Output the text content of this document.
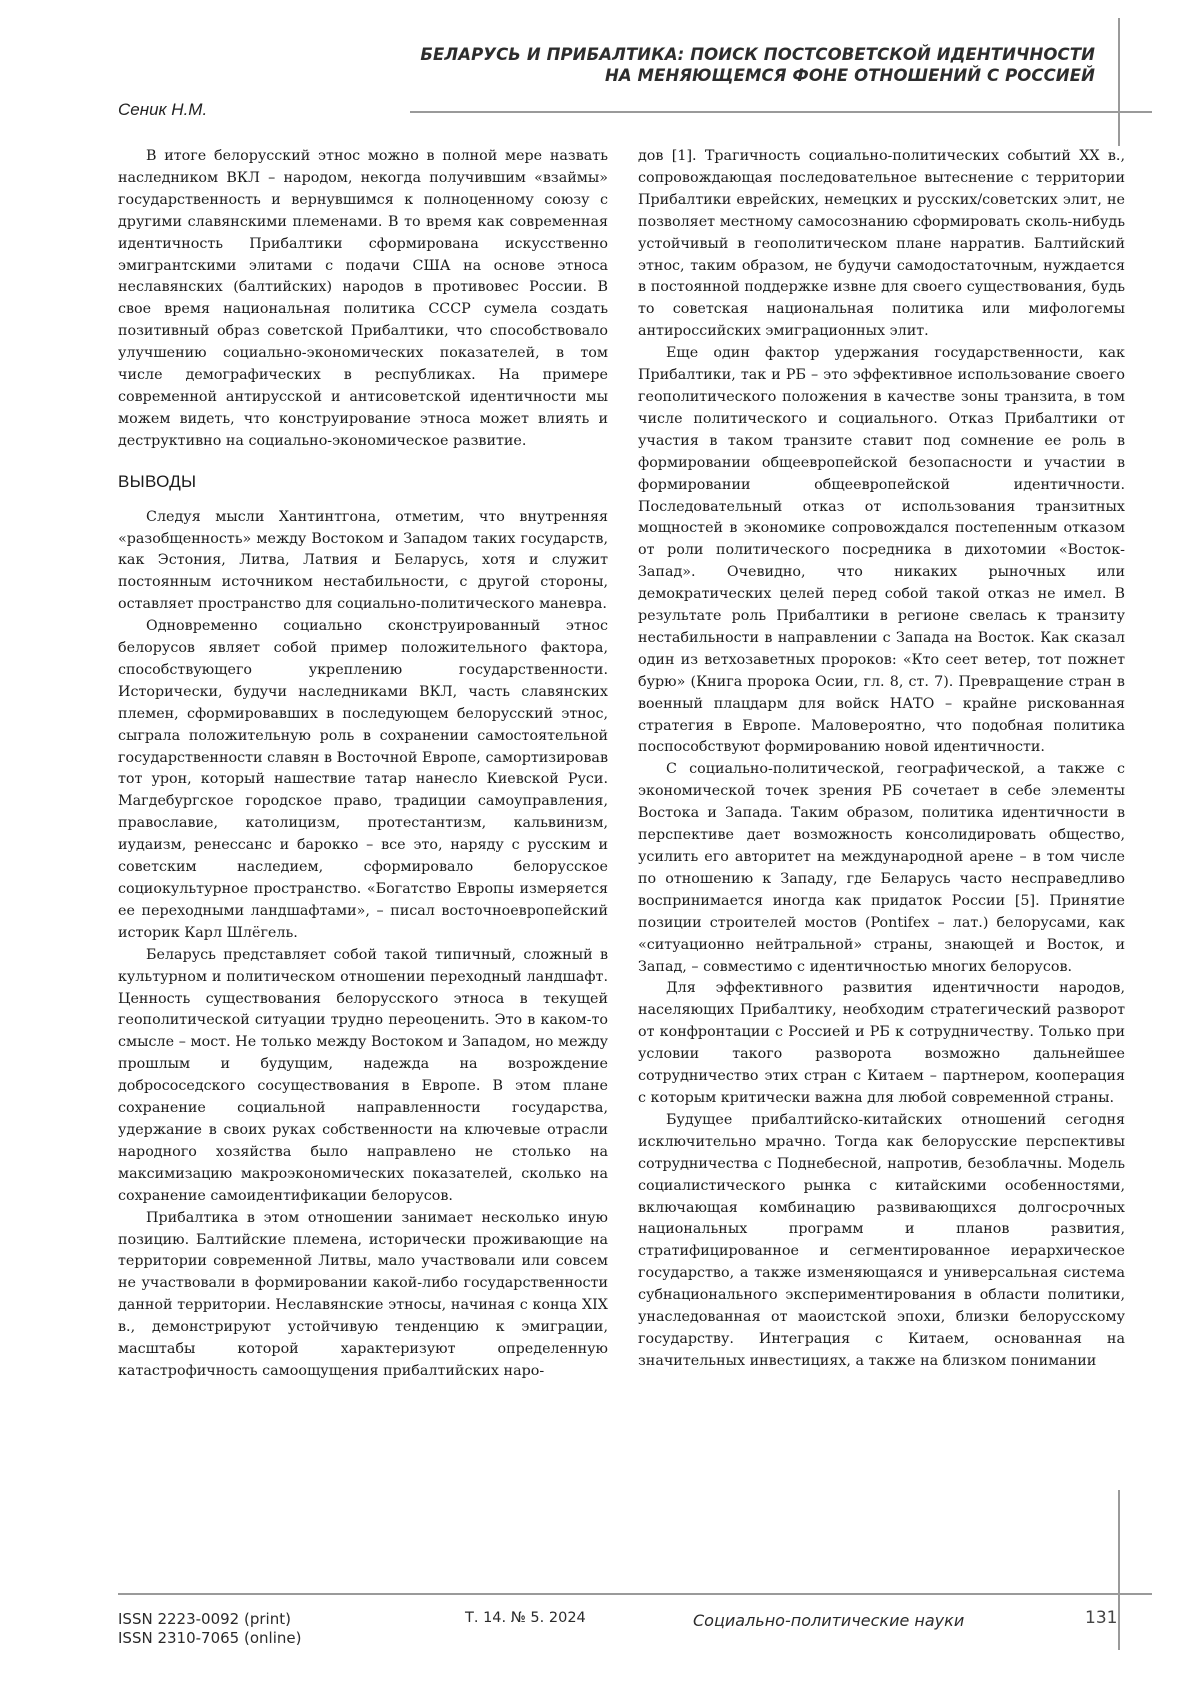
БЕЛАРУСЬ И ПРИБАЛТИКА: ПОИСК ПОСТСОВЕТСКОЙ ИДЕНТИЧНОСТИ
НА МЕНЯЮЩЕМСЯ ФОНЕ ОТНОШЕНИЙ С РОССИЕЙ
Сеник Н.М.

В итоге белорусский этнос можно в полной мере назвать наследником ВКЛ – народом, некогда получившим «взаймы» государственность и вернувшимся к полноценному союзу с другими славянскими племенами. В то время как современная идентичность Прибалтики сформирована искусственно эмигрантскими элитами с подачи США на основе этноса неславянских (балтийских) народов в противовес России. В свое время национальная политика СССР сумела создать позитивный образ советской Прибалтики, что способствовало улучшению социально-экономических показателей, в том числе демографических в республиках. На примере современной антирусской и антисоветской идентичности мы можем видеть, что конструирование этноса может влиять и деструктивно на социально-экономическое развитие.

ВЫВОДЫ

Следуя мысли Хантинтгона, отметим, что внутренняя «разобщенность» между Востоком и Западом таких государств, как Эстония, Литва, Латвия и Беларусь, хотя и служит постоянным источником нестабильности, с другой стороны, оставляет пространство для социально-политического маневра.

Одновременно социально сконструированный этнос белорусов являет собой пример положительного фактора, способствующего укреплению государственности. Исторически, будучи наследниками ВКЛ, часть славянских племен, сформировавших в последующем белорусский этнос, сыграла положительную роль в сохранении самостоятельной государственности славян в Восточной Европе, самортизировав тот урон, который нашествие татар нанесло Киевской Руси. Магдебургское городское право, традиции самоуправления, православие, католицизм, протестантизм, кальвинизм, иудаизм, ренессанс и барокко – все это, наряду с русским и советским наследием, сформировало белорусское социокультурное пространство. «Богатство Европы измеряется ее переходными ландшафтами», – писал восточноевропейский историк Карл Шлёгель.

Беларусь представляет собой такой типичный, сложный в культурном и политическом отношении переходный ландшафт. Ценность существования белорусского этноса в текущей геополитической ситуации трудно переоценить. Это в каком-то смысле – мост. Не только между Востоком и Западом, но между прошлым и будущим, надежда на возрождение добрососедского сосуществования в Европе. В этом плане сохранение социальной направленности государства, удержание в своих руках собственности на ключевые отрасли народного хозяйства было направлено не столько на максимизацию макроэкономических показателей, сколько на сохранение самоидентификации белорусов.

Прибалтика в этом отношении занимает несколько иную позицию. Балтийские племена, исторически проживающие на территории современной Литвы, мало участвовали или совсем не участвовали в формировании какой-либо государственности данной территории. Неславянские этносы, начиная с конца XIX в., демонстрируют устойчивую тенденцию к эмиграции, масштабы которой характеризуют определенную катастрофичность самоощущения прибалтийских наро-

дов [1]. Трагичность социально-политических событий XX в., сопровождающая последовательное вытеснение с территории Прибалтики еврейских, немецких и русских/советских элит, не позволяет местному самосознанию сформировать сколь-нибудь устойчивый в геополитическом плане нарратив. Балтийский этнос, таким образом, не будучи самодостаточным, нуждается в постоянной поддержке извне для своего существования, будь то советская национальная политика или мифологемы антироссийских эмиграционных элит.

Еще один фактор удержания государственности, как Прибалтики, так и РБ – это эффективное использование своего геополитического положения в качестве зоны транзита, в том числе политического и социального. Отказ Прибалтики от участия в таком транзите ставит под сомнение ее роль в формировании общеевропейской безопасности и участии в формировании общеевропейской идентичности. Последовательный отказ от использования транзитных мощностей в экономике сопровождался постепенным отказом от роли политического посредника в дихотомии «Восток-Запад». Очевидно, что никаких рыночных или демократических целей перед собой такой отказ не имел. В результате роль Прибалтики в регионе свелась к транзиту нестабильности в направлении с Запада на Восток. Как сказал один из ветхозаветных пророков: «Кто сеет ветер, тот пожнет бурю» (Книга пророка Осии, гл. 8, ст. 7). Превращение стран в военный плацдарм для войск НАТО – крайне рискованная стратегия в Европе. Маловероятно, что подобная политика поспособствуют формированию новой идентичности.

С социально-политической, географической, а также с экономической точек зрения РБ сочетает в себе элементы Востока и Запада. Таким образом, политика идентичности в перспективе дает возможность консолидировать общество, усилить его авторитет на международной арене – в том числе по отношению к Западу, где Беларусь часто несправедливо воспринимается иногда как придаток России [5]. Принятие позиции строителей мостов (Pontifex – лат.) белорусами, как «ситуационно нейтральной» страны, знающей и Восток, и Запад, – совместимо с идентичностью многих белорусов.

Для эффективного развития идентичности народов, населяющих Прибалтику, необходим стратегический разворот от конфронтации с Россией и РБ к сотрудничеству. Только при условии такого разворота возможно дальнейшее сотрудничество этих стран с Китаем – партнером, кооперация с которым критически важна для любой современной страны.

Будущее прибалтийско-китайских отношений сегодня исключительно мрачно. Тогда как белорусские перспективы сотрудничества с Поднебесной, напротив, безоблачны. Модель социалистического рынка с китайскими особенностями, включающая комбинацию развивающихся долгосрочных национальных программ и планов развития, стратифицированное и сегментированное иерархическое государство, а также изменяющаяся и универсальная система субнационального экспериментирования в области политики, унаследованная от маоистской эпохи, близки белорусскому государству. Интеграция с Китаем, основанная на значительных инвестициях, а также на близком понимании

ISSN 2223-0092 (print)
ISSN 2310-7065 (online)
Т. 14. № 5. 2024	Социально-политические науки	131
